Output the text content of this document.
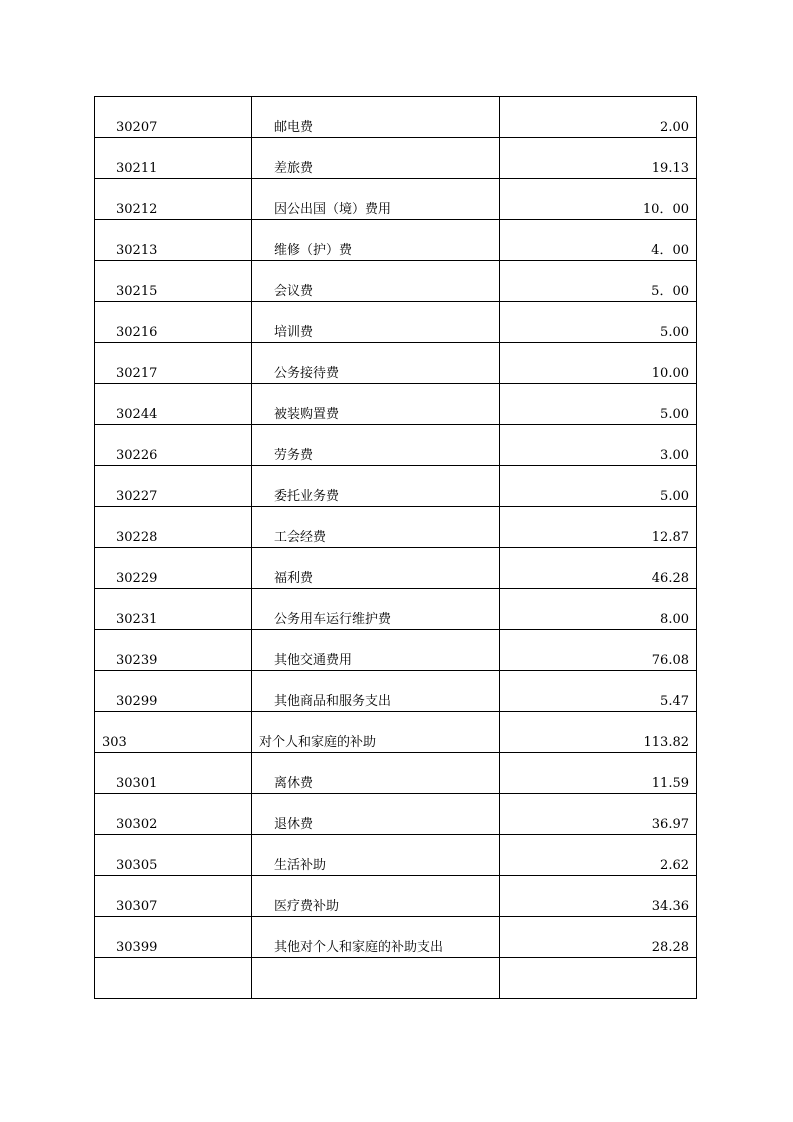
30207	邮电费	2.00
30211	差旅费	19.13
30212	因公出国（境）费用	10．00
30213	维修（护）费	4．00
30215	会议费	5．00
30216	培训费	5.00
30217	公务接待费	10.00
30244	被装购置费	5.00
30226	劳务费	3.00
30227	委托业务费	5.00
30228	工会经费	12.87
30229	福利费	46.28
30231	公务用车运行维护费	8.00
30239	其他交通费用	76.08
30299	其他商品和服务支出	5.47
303	对个人和家庭的补助	113.82
30301	离休费	11.59
30302	退休费	36.97
30305	生活补助	2.62
30307	医疗费补助	34.36
30399	其他对个人和家庭的补助支出	28.28
